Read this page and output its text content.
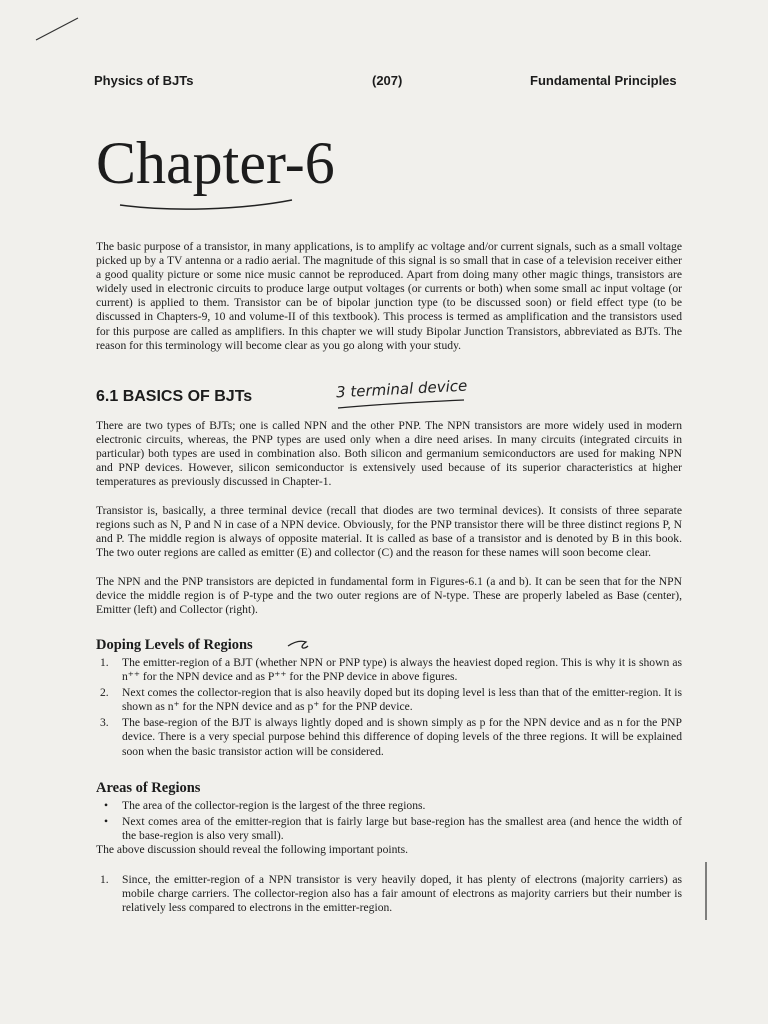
Physics of BJTs	(207)	Fundamental Principles
Chapter-6

The basic purpose of a transistor, in many applications, is to amplify ac voltage and/or current signals, such as a small voltage picked up by a TV antenna or a radio aerial. The magnitude of this signal is so small that in case of a television receiver either a good quality picture or some nice music cannot be reproduced. Apart from doing many other magic things, transistors are widely used in electronic circuits to produce large output voltages (or currents or both) when some small ac input voltage (or current) is applied to them. Transistor can be of bipolar junction type (to be discussed soon) or field effect type (to be discussed in Chapters-9, 10 and volume-II of this textbook). This process is termed as amplification and the transistors used for this purpose are called as amplifiers. In this chapter we will study Bipolar Junction Transistors, abbreviated as BJTs. The reason for this terminology will become clear as you go along with your study.

6.1 BASICS OF BJTs	3 terminal device

There are two types of BJTs; one is called NPN and the other PNP. The NPN transistors are more widely used in modern electronic circuits, whereas, the PNP types are used only when a dire need arises. In many circuits (integrated circuits in particular) both types are used in combination also. Both silicon and germanium semiconductors are used for making NPN and PNP devices. However, silicon semiconductor is extensively used because of its superior characteristics at higher temperatures as previously discussed in Chapter-1.

Transistor is, basically, a three terminal device (recall that diodes are two terminal devices). It consists of three separate regions such as N, P and N in case of a NPN device. Obviously, for the PNP transistor there will be three distinct regions P, N and P. The middle region is always of opposite material. It is called as base of a transistor and is denoted by B in this book. The two outer regions are called as emitter (E) and collector (C) and the reason for these names will soon become clear.

The NPN and the PNP transistors are depicted in fundamental form in Figures-6.1 (a and b). It can be seen that for the NPN device the middle region is of P-type and the two outer regions are of N-type. These are properly labeled as Base (center), Emitter (left) and Collector (right).

Doping Levels of Regions
1. The emitter-region of a BJT (whether NPN or PNP type) is always the heaviest doped region. This is why it is shown as n⁺⁺ for the NPN device and as P⁺⁺ for the PNP device in above figures.
2. Next comes the collector-region that is also heavily doped but its doping level is less than that of the emitter-region. It is shown as n⁺ for the NPN device and as p⁺ for the PNP device.
3. The base-region of the BJT is always lightly doped and is shown simply as p for the NPN device and as n for the PNP device. There is a very special purpose behind this difference of doping levels of the three regions. It will be explained soon when the basic transistor action will be considered.
Areas of Regions
• The area of the collector-region is the largest of the three regions.
• Next comes area of the emitter-region that is fairly large but base-region has the smallest area (and hence the width of the base-region is also very small).

The above discussion should reveal the following important points.

1. Since, the emitter-region of a NPN transistor is very heavily doped, it has plenty of electrons (majority carriers) as mobile charge carriers. The collector-region also has a fair amount of electrons as majority carriers but their number is relatively less compared to electrons in the emitter-region.
